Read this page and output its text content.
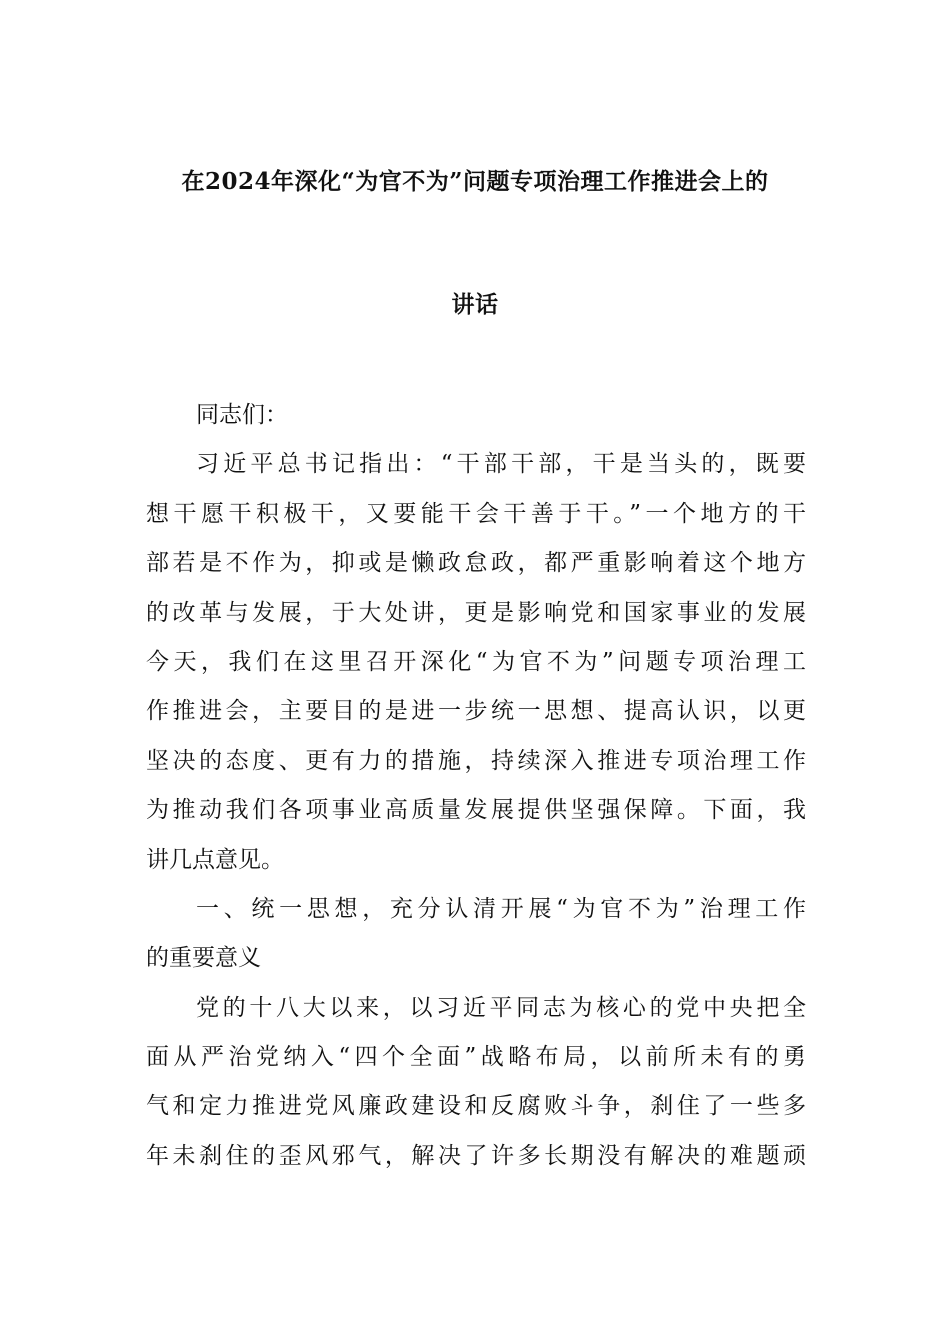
在2024年深化“为官不为”问题专项治理工作推进会上的
讲话
同志们：
习近平总书记指出：“干部干部，干是当头的，既要
想干愿干积极干，又要能干会干善于干。”一个地方的干
部若是不作为，抑或是懒政怠政，都严重影响着这个地方
的改革与发展，于大处讲，更是影响党和国家事业的发展
今天，我们在这里召开深化“为官不为”问题专项治理工
作推进会，主要目的是进一步统一思想、提高认识，以更
坚决的态度、更有力的措施，持续深入推进专项治理工作
为推动我们各项事业高质量发展提供坚强保障。下面，我
讲几点意见。
一、统一思想，充分认清开展“为官不为”治理工作
的重要意义
党的十八大以来，以习近平同志为核心的党中央把全
面从严治党纳入“四个全面”战略布局，以前所未有的勇
气和定力推进党风廉政建设和反腐败斗争，刹住了一些多
年未刹住的歪风邪气，解决了许多长期没有解决的难题顽
